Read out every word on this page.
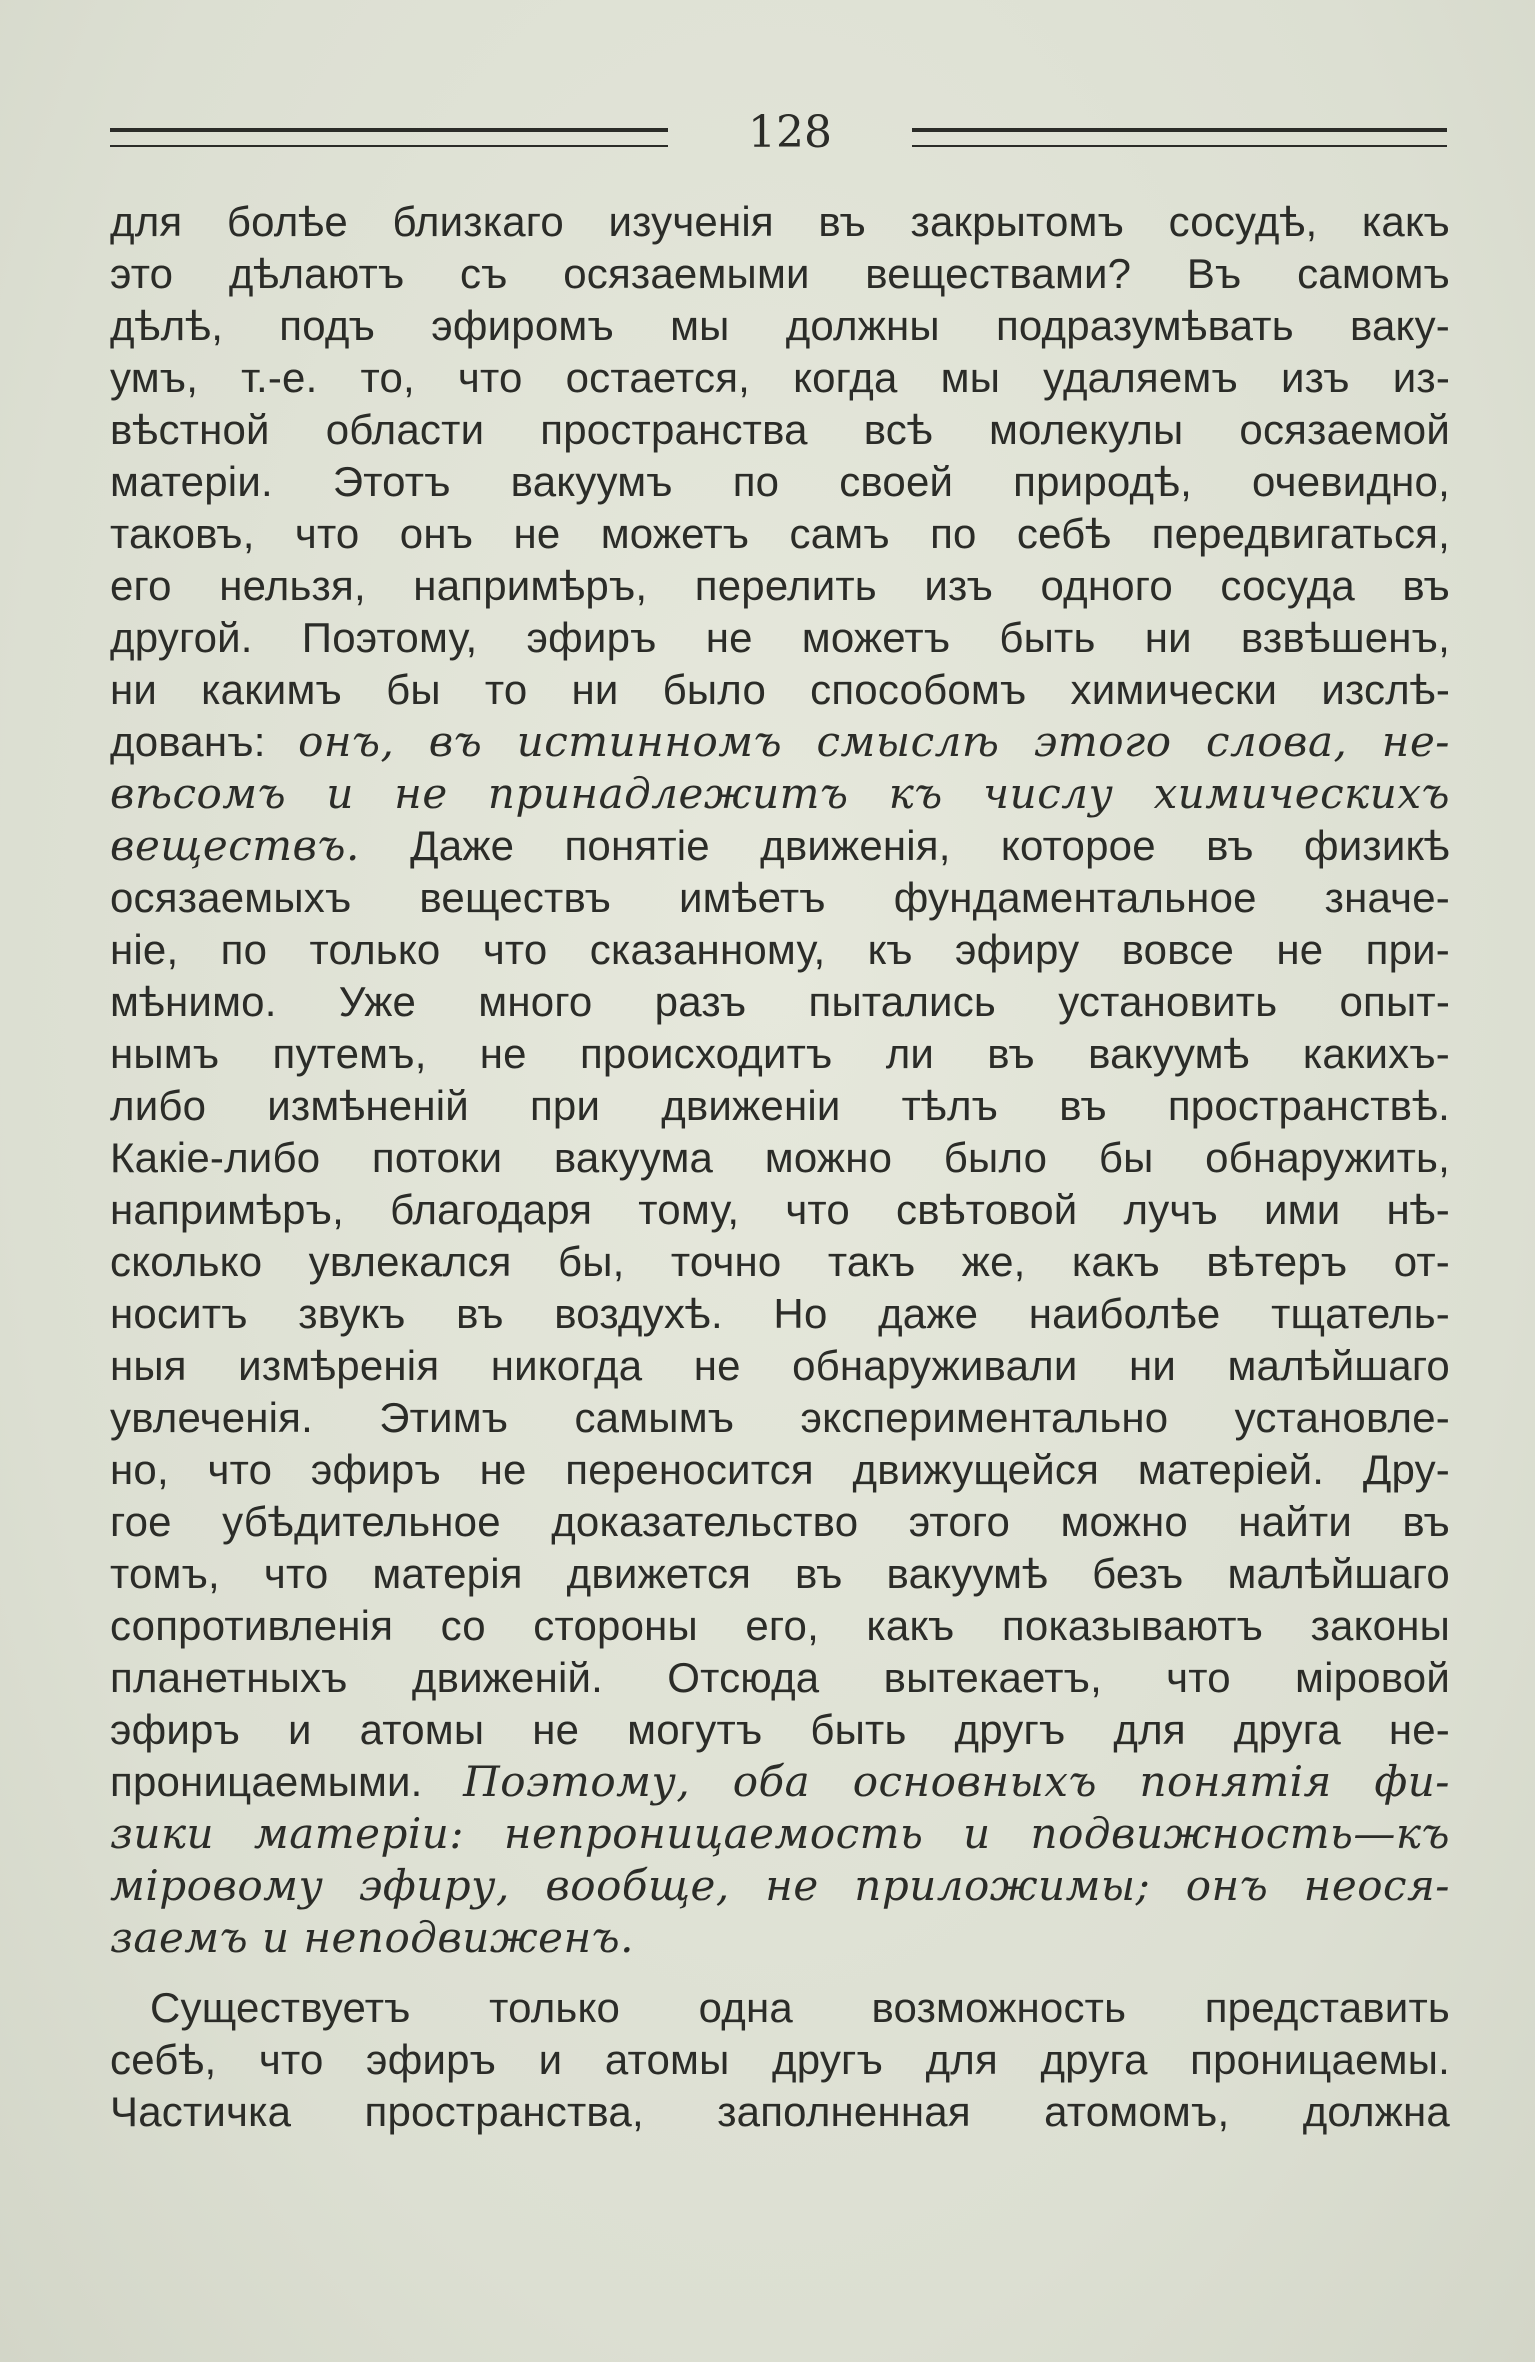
128
для болѣе близкаго изученія въ закрытомъ сосудѣ, какъ
это дѣлаютъ съ осязаемыми веществами? Въ самомъ
дѣлѣ, подъ эфиромъ мы должны подразумѣвать ваку-
умъ, т.-е. то, что остается, когда мы удаляемъ изъ из-
вѣстной области пространства всѣ молекулы осязаемой
матеріи. Этотъ вакуумъ по своей природѣ, очевидно,
таковъ, что онъ не можетъ самъ по себѣ передвигаться,
его нельзя, напримѣръ, перелить изъ одного сосуда въ
другой. Поэтому, эфиръ не можетъ быть ни взвѣшенъ,
ни какимъ бы то ни было способомъ химически изслѣ-
дованъ: онъ, въ истинномъ смыслѣ этого слова, не-
вѣсомъ и не принадлежитъ къ числу химическихъ
веществъ. Даже понятіе движенія, которое въ физикѣ
осязаемыхъ веществъ имѣетъ фундаментальное значе-
ніе, по только что сказанному, къ эфиру вовсе не при-
мѣнимо. Уже много разъ пытались установить опыт-
нымъ путемъ, не происходитъ ли въ вакуумѣ какихъ-
либо измѣненій при движеніи тѣлъ въ пространствѣ.
Какіе-либо потоки вакуума можно было бы обнаружить,
напримѣръ, благодаря тому, что свѣтовой лучъ ими нѣ-
сколько увлекался бы, точно такъ же, какъ вѣтеръ от-
носитъ звукъ въ воздухѣ. Но даже наиболѣе тщатель-
ныя измѣренія никогда не обнаруживали ни малѣйшаго
увлеченія. Этимъ самымъ экспериментально установле-
но, что эфиръ не переносится движущейся матеріей. Дру-
гое убѣдительное доказательство этого можно найти въ
томъ, что матерія движется въ вакуумѣ безъ малѣйшаго
сопротивленія со стороны его, какъ показываютъ законы
планетныхъ движеній. Отсюда вытекаетъ, что міровой
эфиръ и атомы не могутъ быть другъ для друга не-
проницаемыми. Поэтому, оба основныхъ понятія фи-
зики матеріи: непроницаемость и подвижность—къ
міровому эфиру, вообще, не приложимы; онъ неося-
заемъ и неподвиженъ.
Существуетъ только одна возможность представить
себѣ, что эфиръ и атомы другъ для друга проницаемы.
Частичка пространства, заполненная атомомъ, должна
